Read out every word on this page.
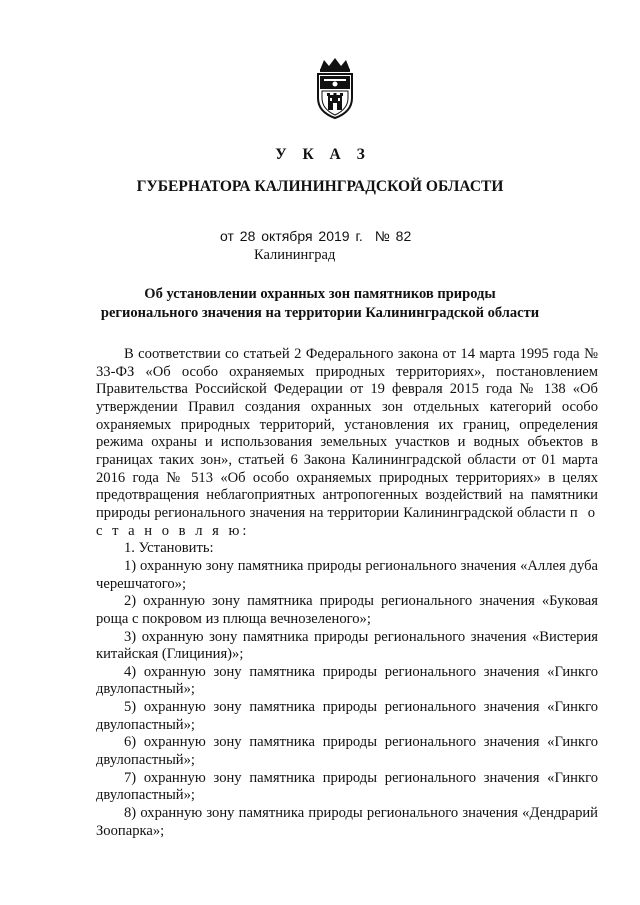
У К А З
ГУБЕРНАТОРА КАЛИНИНГРАДСКОЙ ОБЛАСТИ
от 28 октября 2019 г. № 82
Калининград
Об установлении охранных зон памятников природы
регионального значения на территории Калининградской области

В соответствии со статьей 2 Федерального закона от 14 марта 1995 года № 33-ФЗ «Об особо охраняемых природных территориях», постановлением Правительства Российской Федерации от 19 февраля 2015 года № 138 «Об утверждении Правил создания охранных зон отдельных категорий особо охраняемых природных территорий, установления их границ, определения режима охраны и использования земельных участков и водных объектов в границах таких зон», статьей 6 Закона Калининградской области от 01 марта 2016 года № 513 «Об особо охраняемых природных территориях» в целях предотвращения неблагоприятных антропогенных воздействий на памятники природы регионального значения на территории Калининградской области п о с т а н о в л я ю:

1. Установить:

1) охранную зону памятника природы регионального значения «Аллея дуба черешчатого»;

2) охранную зону памятника природы регионального значения «Буковая роща с покровом из плюща вечнозеленого»;

3) охранную зону памятника природы регионального значения «Вистерия китайская (Глициния)»;

4) охранную зону памятника природы регионального значения «Гинкго двулопастный»;

5) охранную зону памятника природы регионального значения «Гинкго двулопастный»;

6) охранную зону памятника природы регионального значения «Гинкго двулопастный»;

7) охранную зону памятника природы регионального значения «Гинкго двулопастный»;

8) охранную зону памятника природы регионального значения «Дендрарий Зоопарка»;
